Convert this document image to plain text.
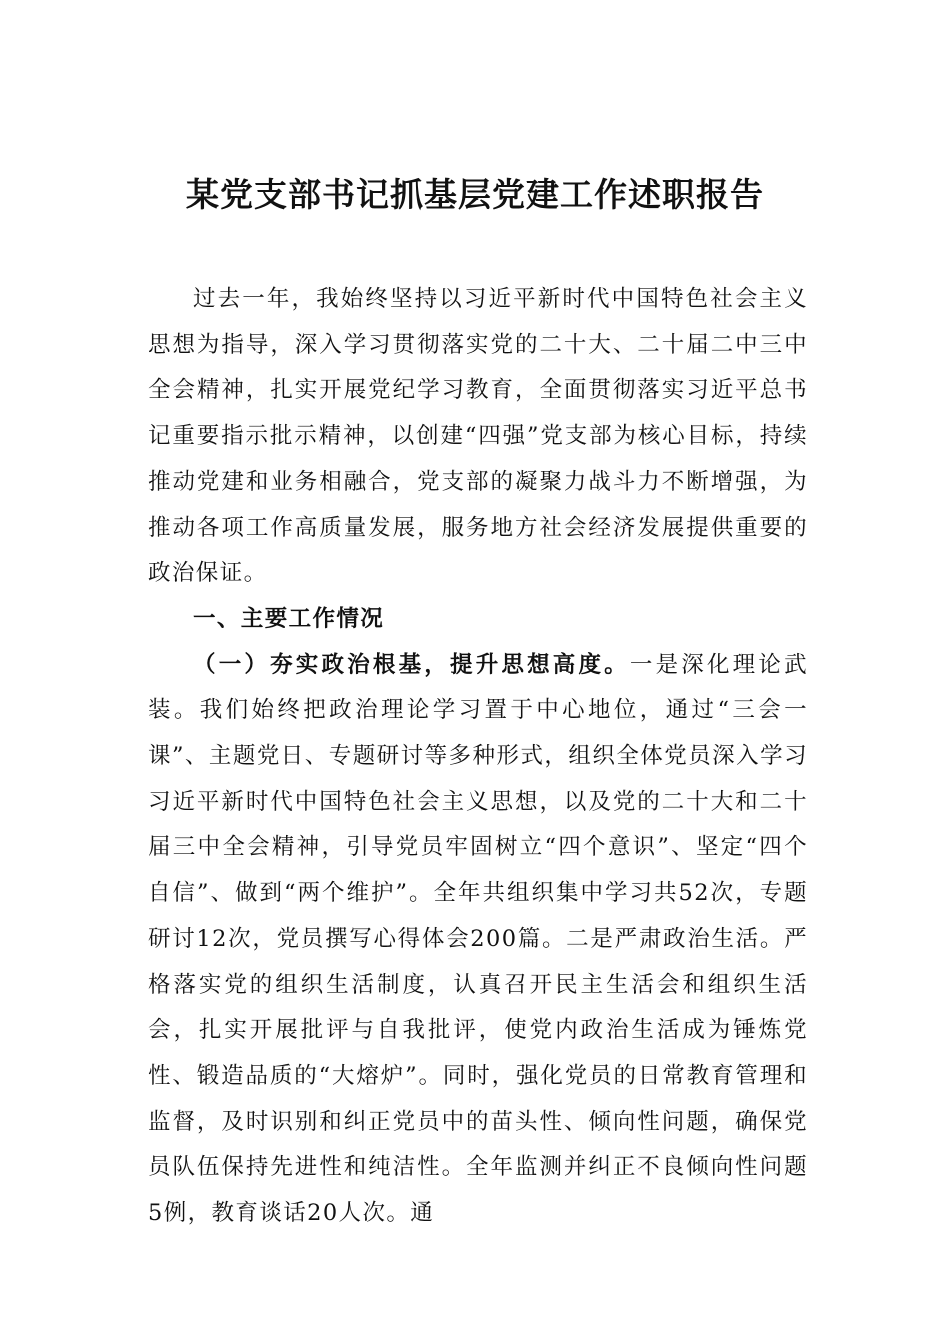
某党支部书记抓基层党建工作述职报告

过去一年，我始终坚持以习近平新时代中国特色社会主义思想为指导，深入学习贯彻落实党的二十大、二十届二中三中全会精神，扎实开展党纪学习教育，全面贯彻落实习近平总书记重要指示批示精神，以创建“四强”党支部为核心目标，持续推动党建和业务相融合，党支部的凝聚力战斗力不断增强，为推动各项工作高质量发展，服务地方社会经济发展提供重要的政治保证。

一、主要工作情况

（一）夯实政治根基，提升思想高度。一是深化理论武装。我们始终把政治理论学习置于中心地位，通过“三会一课”、主题党日、专题研讨等多种形式，组织全体党员深入学习习近平新时代中国特色社会主义思想，以及党的二十大和二十届三中全会精神，引导党员牢固树立“四个意识”、坚定“四个自信”、做到“两个维护”。全年共组织集中学习共52次，专题研讨12次，党员撰写心得体会200篇。二是严肃政治生活。严格落实党的组织生活制度，认真召开民主生活会和组织生活会，扎实开展批评与自我批评，使党内政治生活成为锤炼党性、锻造品质的“大熔炉”。同时，强化党员的日常教育管理和监督，及时识别和纠正党员中的苗头性、倾向性问题，确保党员队伍保持先进性和纯洁性。全年监测并纠正不良倾向性问题5例，教育谈话20人次。通
